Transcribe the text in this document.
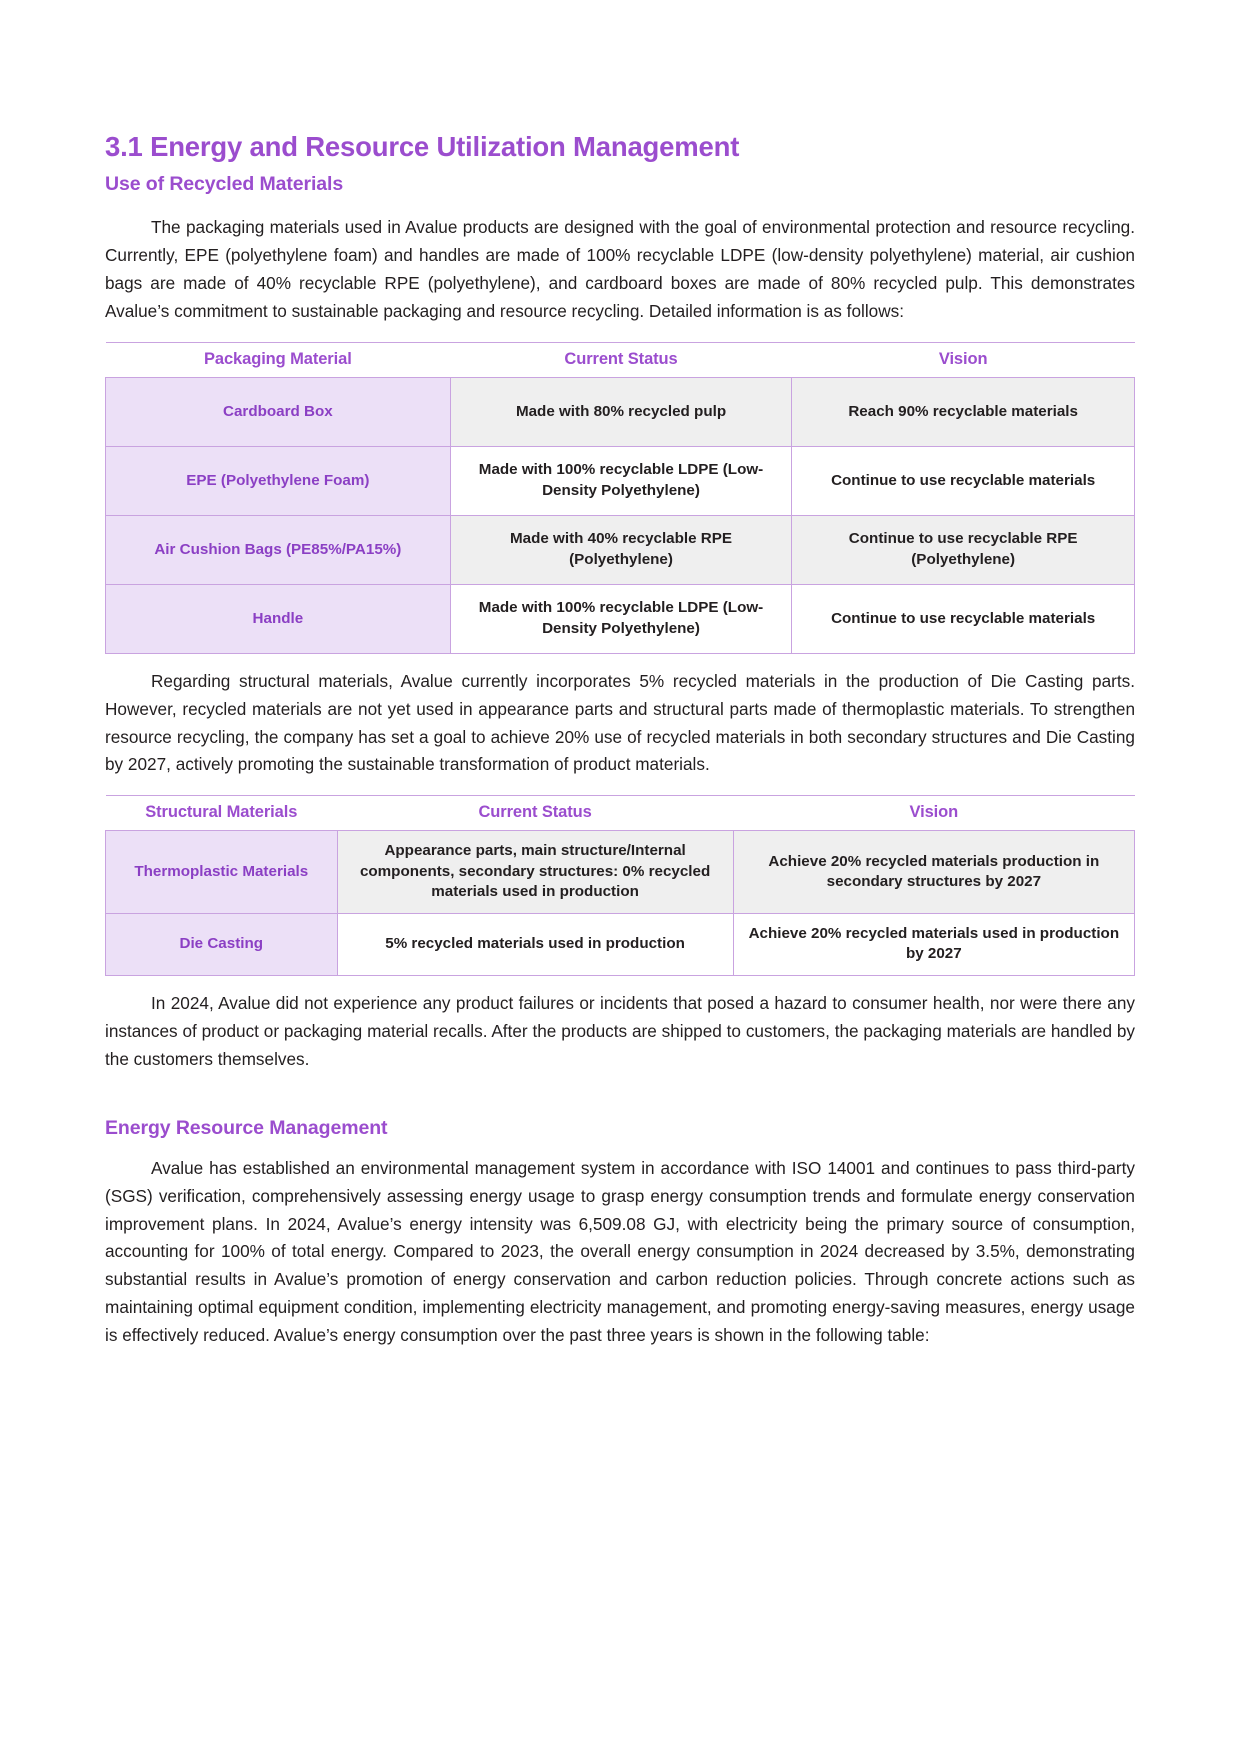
3.1 Energy and Resource Utilization Management
Use of Recycled Materials

The packaging materials used in Avalue products are designed with the goal of environmental protection and resource recycling. Currently, EPE (polyethylene foam) and handles are made of 100% recyclable LDPE (low-density polyethylene) material, air cushion bags are made of 40% recyclable RPE (polyethylene), and cardboard boxes are made of 80% recycled pulp. This demonstrates Avalue’s commitment to sustainable packaging and resource recycling. Detailed information is as follows:

Packaging Material	Current Status	Vision
Cardboard Box	Made with 80% recycled pulp	Reach 90% recyclable materials
EPE (Polyethylene Foam)	Made with 100% recyclable LDPE (Low-Density Polyethylene)	Continue to use recyclable materials
Air Cushion Bags (PE85%/PA15%)	Made with 40% recyclable RPE (Polyethylene)	Continue to use recyclable RPE (Polyethylene)
Handle	Made with 100% recyclable LDPE (Low-Density Polyethylene)	Continue to use recyclable materials

Regarding structural materials, Avalue currently incorporates 5% recycled materials in the production of Die Casting parts. However, recycled materials are not yet used in appearance parts and structural parts made of thermoplastic materials. To strengthen resource recycling, the company has set a goal to achieve 20% use of recycled materials in both secondary structures and Die Casting by 2027, actively promoting the sustainable transformation of product materials.

Structural Materials	Current Status	Vision
Thermoplastic Materials	Appearance parts, main structure/Internal components, secondary structures: 0% recycled materials used in production	Achieve 20% recycled materials production in secondary structures by 2027
Die Casting	5% recycled materials used in production	Achieve 20% recycled materials used in production by 2027

In 2024, Avalue did not experience any product failures or incidents that posed a hazard to consumer health, nor were there any instances of product or packaging material recalls. After the products are shipped to customers, the packaging materials are handled by the customers themselves.

Energy Resource Management

Avalue has established an environmental management system in accordance with ISO 14001 and continues to pass third-party (SGS) verification, comprehensively assessing energy usage to grasp energy consumption trends and formulate energy conservation improvement plans. In 2024, Avalue’s energy intensity was 6,509.08 GJ, with electricity being the primary source of consumption, accounting for 100% of total energy. Compared to 2023, the overall energy consumption in 2024 decreased by 3.5%, demonstrating substantial results in Avalue’s promotion of energy conservation and carbon reduction policies. Through concrete actions such as maintaining optimal equipment condition, implementing electricity management, and promoting energy-saving measures, energy usage is effectively reduced. Avalue’s energy consumption over the past three years is shown in the following table:
